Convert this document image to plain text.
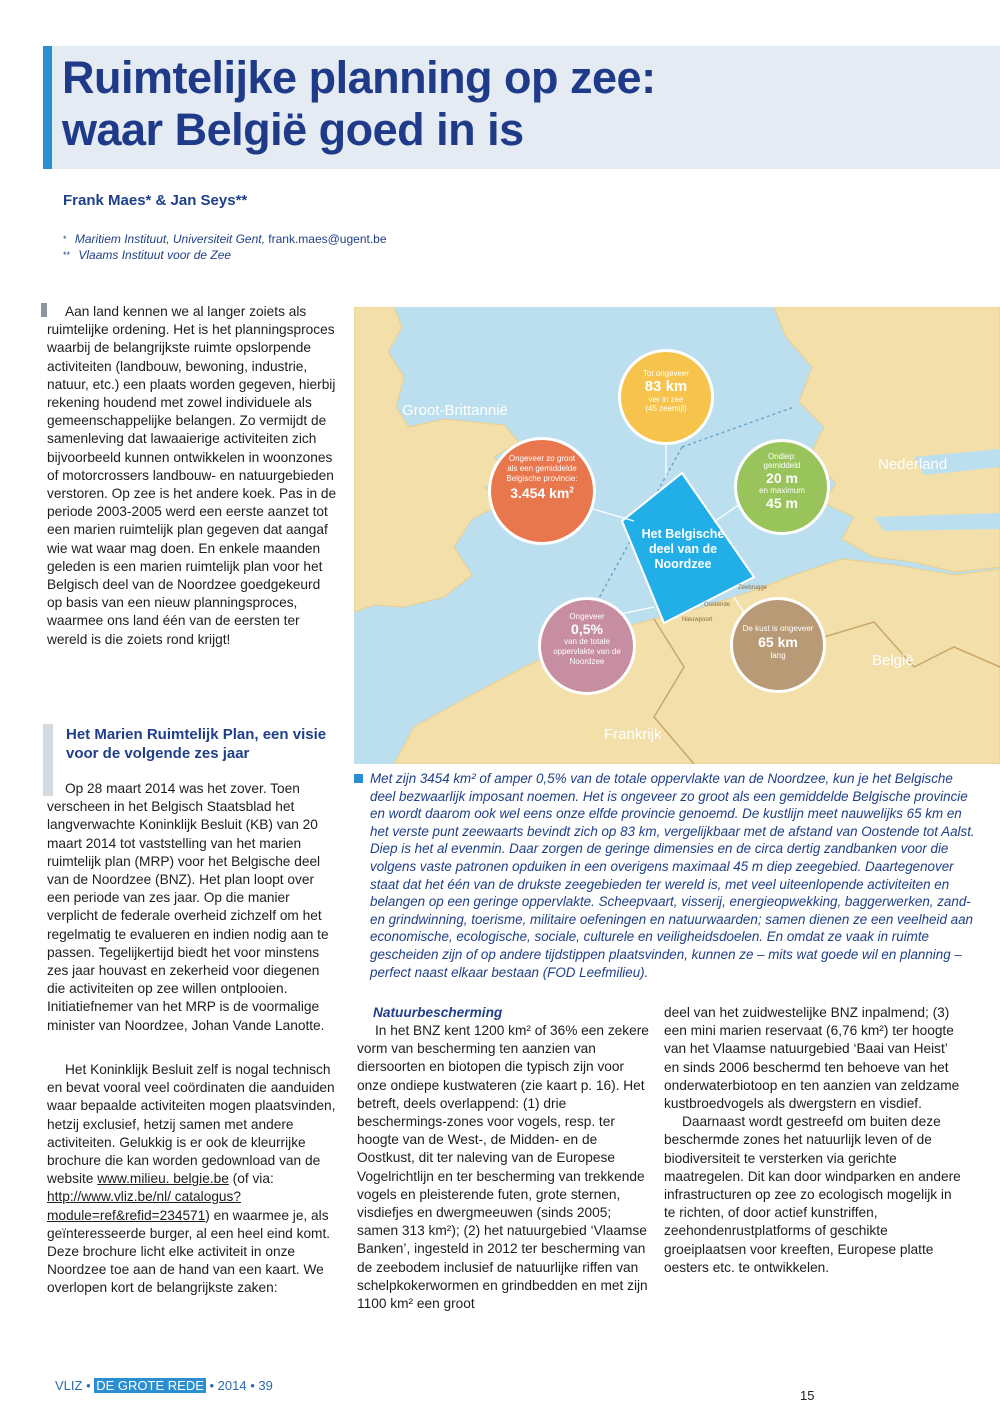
Ruimtelijke planning op zee:
waar België goed in is
Frank Maes* & Jan Seys**
* Maritiem Instituut, Universiteit Gent, frank.maes@ugent.be
** Vlaams Instituut voor de Zee

Aan land kennen we al langer zoiets als ruimtelijke ordening. Het is het planningsproces waarbij de belangrijkste ruimte opslorpende activiteiten (landbouw, bewoning, industrie, natuur, etc.) een plaats worden gegeven, hierbij rekening houdend met zowel individuele als gemeenschappelijke belangen. Zo vermijdt de samenleving dat lawaaierige activiteiten zich bijvoorbeeld kunnen ontwikkelen in woonzones of motorcrossers landbouw- en natuurgebieden verstoren. Op zee is het andere koek. Pas in de periode 2003-2005 werd een eerste aanzet tot een marien ruimtelijk plan gegeven dat aangaf wie wat waar mag doen. En enkele maanden geleden is een marien ruimtelijk plan voor het Belgisch deel van de Noordzee goedgekeurd op basis van een nieuw planningsproces, waarmee ons land één van de eersten ter wereld is die zoiets rond krijgt!

Het Marien Ruimtelijk Plan, een visie voor de volgende zes jaar

Op 28 maart 2014 was het zover. Toen verscheen in het Belgisch Staatsblad het langverwachte Koninklijk Besluit (KB) van 20 maart 2014 tot vaststelling van het marien ruimtelijk plan (MRP) voor het Belgische deel van de Noordzee (BNZ). Het plan loopt over een periode van zes jaar. Op die manier verplicht de federale overheid zichzelf om het regelmatig te evalueren en indien nodig aan te passen. Tegelijkertijd biedt het voor minstens zes jaar houvast en zekerheid voor diegenen die activiteiten op zee willen ontplooien. Initiatiefnemer van het MRP is de voormalige minister van Noordzee, Johan Vande Lanotte.

Het Koninklijk Besluit zelf is nogal technisch en bevat vooral veel coördinaten die aanduiden waar bepaalde activiteiten mogen plaatsvinden, hetzij exclusief, hetzij samen met andere activiteiten. Gelukkig is er ook de kleurrijke brochure die kan worden gedownload van de website www.milieu. belgie.be (of via: http://www.vliz.be/nl/ catalogus?module=ref&refid=234571) en waarmee je, als geïnteresseerde burger, al een heel eind komt. Deze brochure licht elke activiteit in onze Noordzee toe aan de hand van een kaart. We overlopen kort de belangrijkste zaken:

Groot-Brittannië
Nederland
België
Frankrijk
Zeebrugge
Oostende
Nieuwpoort
Het Belgische deel van de Noordzee
Tot ongeveer
83 km
ver in zee
(45 zeemijl)
Ongeveer zo groot als een gemiddelde Belgische provincie:
3.454 $km^2$
Ondiep:
gemiddeld
20 m
en maximum
45 m
Ongeveer
0,5%
van de totale oppervlakte van de Noordzee
De kust is ongeveer
65 km
lang

Met zijn 3454 km² of amper 0,5% van de totale oppervlakte van de Noordzee, kun je het Belgische deel bezwaarlijk imposant noemen. Het is ongeveer zo groot als een gemiddelde Belgische provincie en wordt daarom ook wel eens onze elfde provincie genoemd. De kustlijn meet nauwelijks 65 km en het verste punt zeewaarts bevindt zich op 83 km, vergelijkbaar met de afstand van Oostende tot Aalst. Diep is het al evenmin. Daar zorgen de geringe dimensies en de circa dertig zandbanken voor die volgens vaste patronen opduiken in een overigens maximaal 45 m diep zeegebied. Daartegenover staat dat het één van de drukste zeegebieden ter wereld is, met veel uiteenlopende activiteiten en belangen op een geringe oppervlakte. Scheepvaart, visserij, energieopwekking, baggerwerken, zand- en grindwinning, toerisme, militaire oefeningen en natuurwaarden; samen dienen ze een veelheid aan economische, ecologische, sociale, culturele en veiligheidsdoelen. En omdat ze vaak in ruimte gescheiden zijn of op andere tijdstippen plaatsvinden, kunnen ze – mits wat goede wil en planning – perfect naast elkaar bestaan (FOD Leefmilieu).

Natuurbescherming

In het BNZ kent 1200 km² of 36% een zekere vorm van bescherming ten aanzien van diersoorten en biotopen die typisch zijn voor onze ondiepe kustwateren (zie kaart p. 16). Het betreft, deels overlappend: (1) drie beschermings-zones voor vogels, resp. ter hoogte van de West-, de Midden- en de Oostkust, dit ter naleving van de Europese Vogelrichtlijn en ter bescherming van trekkende vogels en pleisterende futen, grote sternen, visdiefjes en dwergmeeuwen (sinds 2005; samen 313 km²); (2) het natuurgebied ‘Vlaamse Banken’, ingesteld in 2012 ter bescherming van de zeebodem inclusief de natuurlijke riffen van schelpkokerwormen en grindbedden en met zijn 1100 km² een groot

deel van het zuidwestelijke BNZ inpalmend; (3) een mini marien reservaat (6,76 km²) ter hoogte van het Vlaamse natuurgebied ‘Baai van Heist’ en sinds 2006 beschermd ten behoeve van het onderwaterbiotoop en ten aanzien van zeldzame kustbroedvogels als dwergstern en visdief.

Daarnaast wordt gestreefd om buiten deze beschermde zones het natuurlijk leven of de biodiversiteit te versterken via gerichte maatregelen. Dit kan door windparken en andere infrastructuren op zee zo ecologisch mogelijk in te richten, of door actief kunstriffen, zeehondenrustplatforms of geschikte groeiplaatsen voor kreeften, Europese platte oesters etc. te ontwikkelen.

VLIZ • DE GROTE REDE • 2014 • 39
15
